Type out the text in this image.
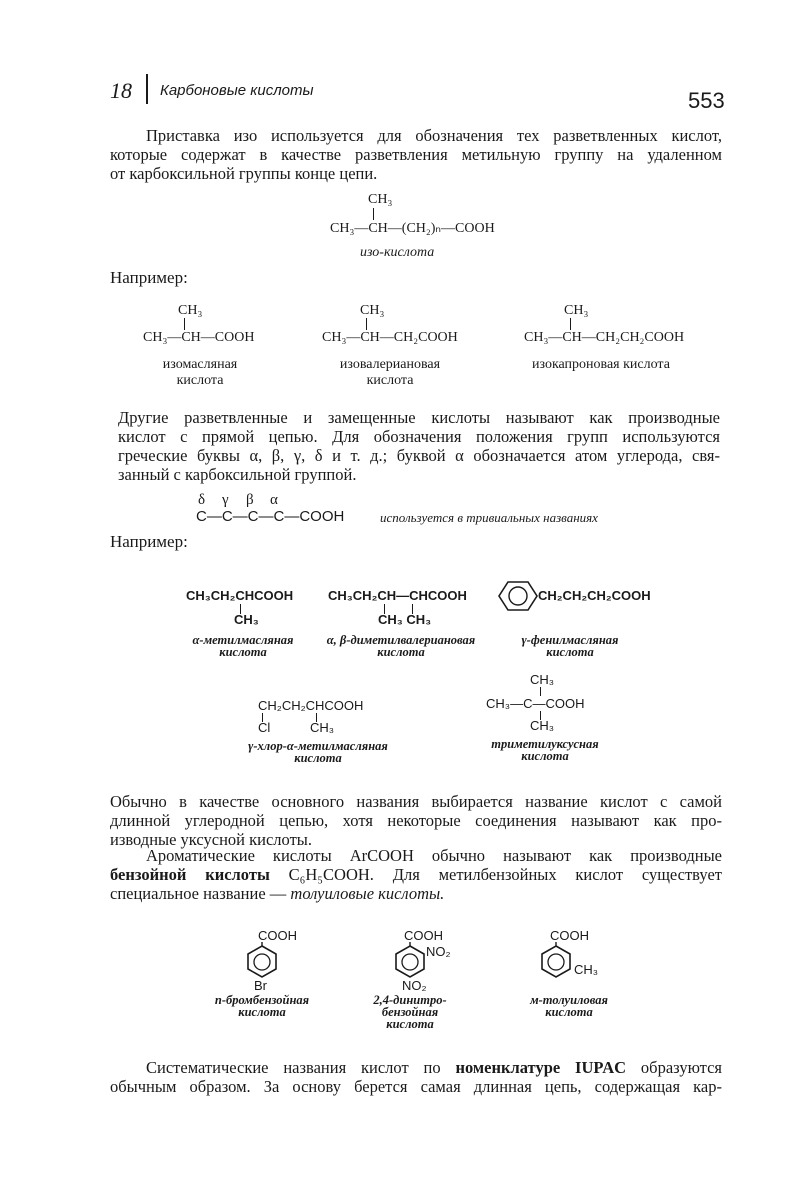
18 Карбоновые кислоты	553
Приставка изо используется для обозначения тех разветвленных кислот,
которые содержат в качестве разветвления метильную группу на удаленном
от карбоксильной группы конце цепи.
CH₃
CH₃—CH—(CH₂)ₙ—COOH
изо-кислота
Например:
CH₃
CH₃—CH—COOH
изомасляная
кислота
CH₃
CH₃—CH—CH₂COOH
изовалериановая
кислота
CH₃
CH₃—CH—CH₂CH₂COOH
изокапроновая кислота
Другие разветвленные и замещенные кислоты называют как производные
кислот с прямой цепью. Для обозначения положения групп используются
греческие буквы α, β, γ, δ и т. д.; буквой α обозначается атом углерода, свя-
занный с карбоксильной группой.
δ γ β α
C—C—C—C—COOH	используется в тривиальных названиях
Например:
CH₃CH₂CHCOOH
CH₃
α-метилмасляная
кислота
CH₃CH₂CH—CHCOOH
CH₃ CH₃
α, β-диметилвалериановая
кислота
CH₂CH₂CH₂COOH
γ-фенилмасляная
кислота
CH₂CH₂CHCOOH
Cl	CH₃
γ-хлор-α-метилмасляная
кислота
CH₃
CH₃—C—COOH
CH₃
триметилуксусная
кислота
Обычно в качестве основного названия выбирается название кислот с самой
длинной углеродной цепью, хотя некоторые соединения называют как про-
изводные уксусной кислоты.
Ароматические кислоты ArCOOH обычно называют как производные
бензойной кислоты C₆H₅COOH. Для метилбензойных кислот существует
специальное название — толуиловые кислоты.
COOH
Br
n-бромбензойная
кислота
COOH
NO₂
NO₂
2,4-динитро-
бензойная
кислота
COOH
CH₃
м-толуиловая
кислота
Систематические названия кислот по номенклатуре IUPAC образуются
обычным образом. За основу берется самая длинная цепь, содержащая кар-
